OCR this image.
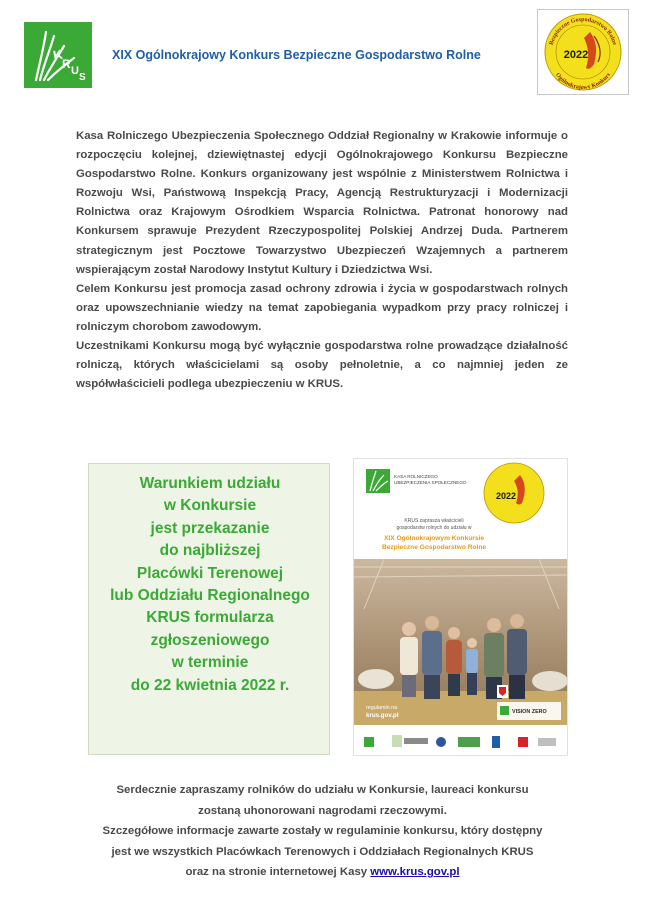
K
R U
S
XIX Ogólnokrajowy Konkurs Bezpieczne Gospodarstwo Rolne
Bezpieczne Gospodarstwo Rolne
Ogólnokrajowy Konkurs
2022

Kasa Rolniczego Ubezpieczenia Społecznego Oddział Regionalny w Krakowie informuje o rozpoczęciu kolejnej, dziewiętnastej edycji Ogólnokrajowego Konkursu Bezpieczne Gospodarstwo Rolne. Konkurs organizowany jest wspólnie z Ministerstwem Rolnictwa i Rozwoju Wsi, Państwową Inspekcją Pracy, Agencją Restrukturyzacji i Modernizacji Rolnictwa oraz Krajowym Ośrodkiem Wsparcia Rolnictwa. Patronat honorowy nad Konkursem sprawuje Prezydent Rzeczypospolitej Polskiej Andrzej Duda. Partnerem strategicznym jest Pocztowe Towarzystwo Ubezpieczeń Wzajemnych a partnerem wspierającym został Narodowy Instytut Kultury i Dziedzictwa Wsi.

Celem Konkursu jest promocja zasad ochrony zdrowia i życia w gospodarstwach rolnych oraz upowszechnianie wiedzy na temat zapobiegania wypadkom przy pracy rolniczej i rolniczym chorobom zawodowym.

Uczestnikami Konkursu mogą być wyłącznie gospodarstwa rolne prowadzące działalność rolniczą, których właścicielami są osoby pełnoletnie, a co najmniej jeden ze współwłaścicieli podlega ubezpieczeniu w KRUS.

Warunkiem udziału
w Konkursie
jest przekazanie
do najbliższej
Placówki Terenowej
lub Oddziału Regionalnego
KRUS formularza
zgłoszeniowego
w terminie
do 22 kwietnia 2022 r.
KASA ROLNICZEGO
UBEZPIECZENIA SPOŁECZNEGO
2022
KRUS zaprasza właścicieli
gospodarstw rolnych do udziału w
XIX Ogólnokrajowym Konkursie
Bezpieczne Gospodarstwo Rolne
regulamin na
krus.gov.pl	VISION ZERO
Serdecznie zapraszamy rolników do udziału w Konkursie, laureaci konkursu
zostaną uhonorowani nagrodami rzeczowymi.
Szczegółowe informacje zawarte zostały w regulaminie konkursu, który dostępny
jest we wszystkich Placówkach Terenowych i Oddziałach Regionalnych KRUS
oraz na stronie internetowej Kasy www.krus.gov.pl
